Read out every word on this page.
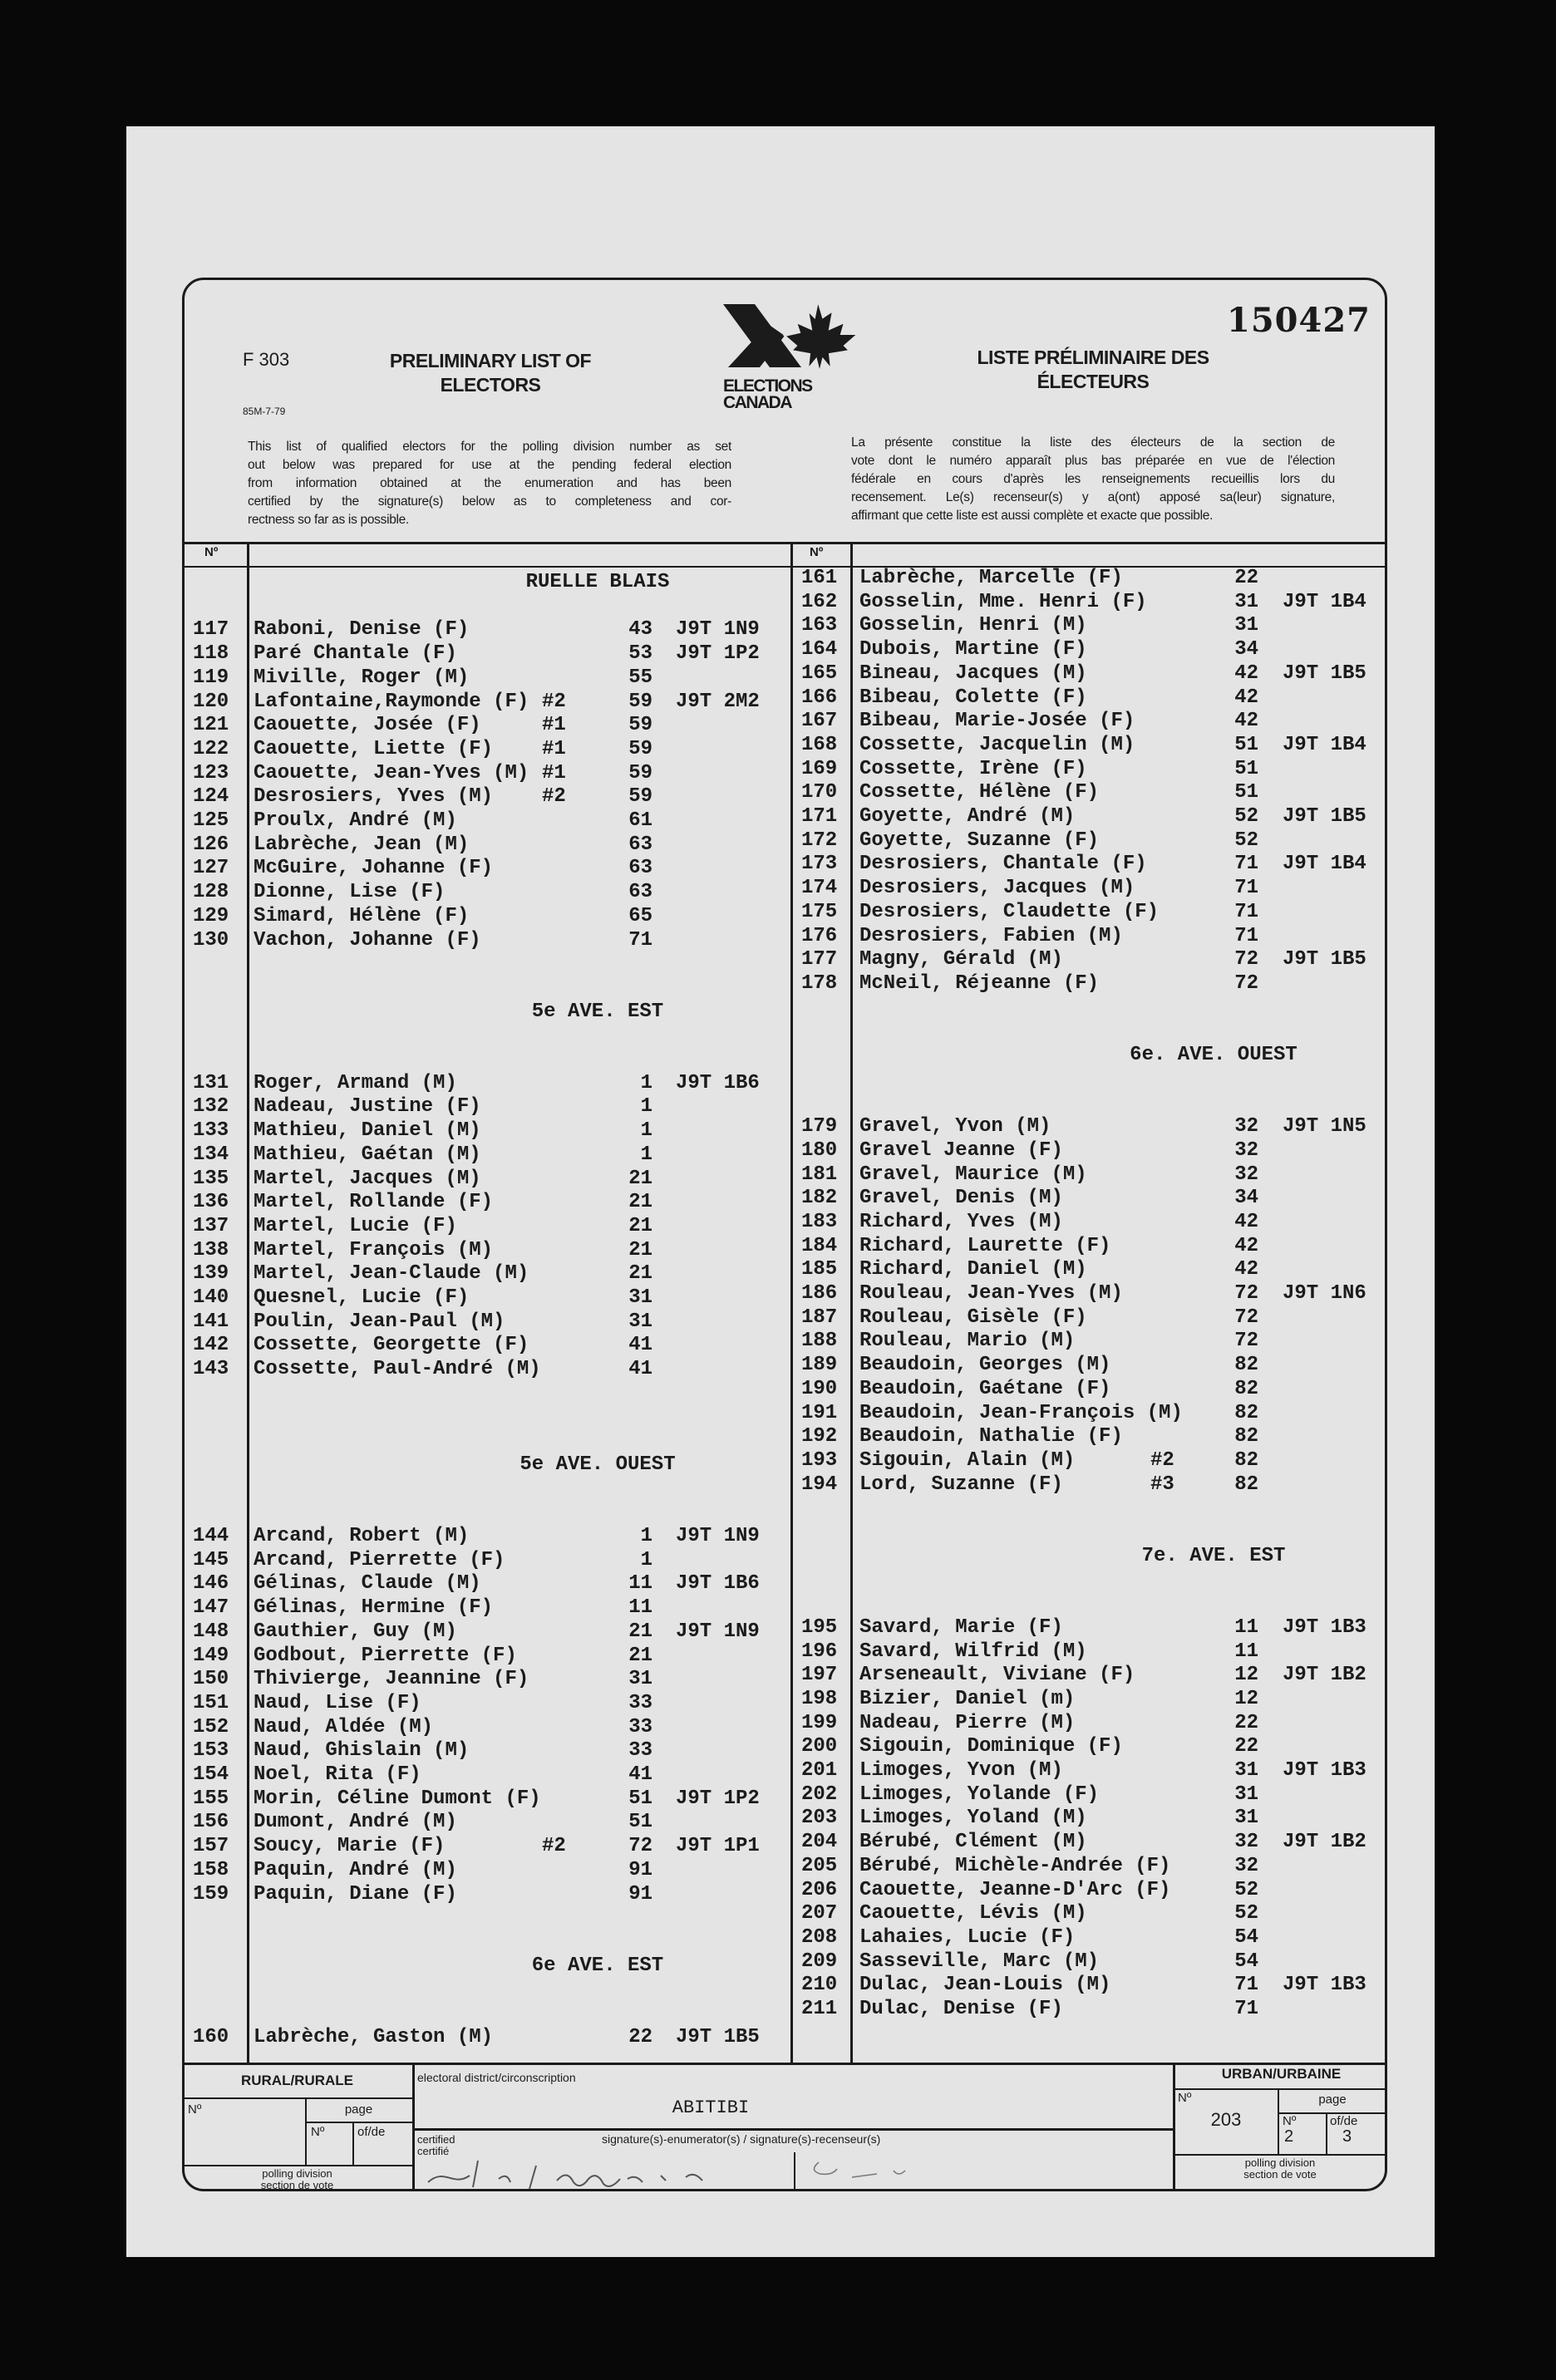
F 303
85M-7-79
PRELIMINARY LIST OF
ELECTORS
LISTE PRÉLIMINAIRE DES
ÉLECTEURS
150427
ELECTIONS
CANADA
This list of qualified electors for the polling division number as set
out below was prepared for use at the pending federal election
from information obtained at the enumeration and has been
certified by the signature(s) below as to completeness and cor-
rectness so far as is possible.
La présente constitue la liste des électeurs de la section de
vote dont le numéro apparaît plus bas préparée en vue de l'élection
fédérale en cours d'après les renseignements recueillis lors du
recensement. Le(s) recenseur(s) y a(ont) apposé sa(leur) signature,
affirmant que cette liste est aussi complète et exacte que possible.
Nº	Nº
RUELLE BLAIS
117 Raboni, Denise (F)	43 J9T 1N9
118 Paré Chantale (F)	53 J9T 1P2
119 Miville, Roger (M)	55
120 Lafontaine,Raymonde (F) #2	59 J9T 2M2
121 Caouette, Josée (F)	#1	59
122 Caouette, Liette (F) #1	59
123 Caouette, Jean-Yves (M) #1	59
124 Desrosiers, Yves (M) #2	59
125 Proulx, André (M)	61
126 Labrèche, Jean (M)	63
127 McGuire, Johanne (F)	63
128 Dionne, Lise (F)	63
129 Simard, Hélène (F)	65
130 Vachon, Johanne (F)	71
5e AVE. EST
131 Roger, Armand (M)	1 J9T 1B6
132 Nadeau, Justine (F)	1
133 Mathieu, Daniel (M)	1
134 Mathieu, Gaétan (M)	1
135 Martel, Jacques (M)	21
136 Martel, Rollande (F)	21
137 Martel, Lucie (F)	21
138 Martel, François (M)	21
139 Martel, Jean-Claude (M)	21
140 Quesnel, Lucie (F)	31
141 Poulin, Jean-Paul (M)	31
142 Cossette, Georgette (F)	41
143 Cossette, Paul-André (M)	41
5e AVE. OUEST
144 Arcand, Robert (M)	1 J9T 1N9
145 Arcand, Pierrette (F)	1
146 Gélinas, Claude (M)	11 J9T 1B6
147 Gélinas, Hermine (F)	11
148 Gauthier, Guy (M)	21 J9T 1N9
149 Godbout, Pierrette (F)	21
150 Thivierge, Jeannine (F)	31
151 Naud, Lise (F)	33
152 Naud, Aldée (M)	33
153 Naud, Ghislain (M)	33
154 Noel, Rita (F)	41
155 Morin, Céline Dumont (F)	51 J9T 1P2
156 Dumont, André (M)	51
157 Soucy, Marie (F)	#2	72 J9T 1P1
158 Paquin, André (M)	91
159 Paquin, Diane (F)	91
6e AVE. EST
160 Labrèche, Gaston (M)	22 J9T 1B5
161 Labrèche, Marcelle (F)	22
162 Gosselin, Mme. Henri (F)	31 J9T 1B4
163 Gosselin, Henri (M)	31
164 Dubois, Martine (F)	34
165 Bineau, Jacques (M)	42 J9T 1B5
166 Bibeau, Colette (F)	42
167 Bibeau, Marie-Josée (F)	42
168 Cossette, Jacquelin (M)	51 J9T 1B4
169 Cossette, Irène (F)	51
170 Cossette, Hélène (F)	51
171 Goyette, André (M)	52 J9T 1B5
172 Goyette, Suzanne (F)	52
173 Desrosiers, Chantale (F)	71 J9T 1B4
174 Desrosiers, Jacques (M)	71
175 Desrosiers, Claudette (F)	71
176 Desrosiers, Fabien (M)	71
177 Magny, Gérald (M)	72 J9T 1B5
178 McNeil, Réjeanne (F)	72
6e. AVE. OUEST
179 Gravel, Yvon (M)	32 J9T 1N5
180 Gravel Jeanne (F)	32
181 Gravel, Maurice (M)	32
182 Gravel, Denis (M)	34
183 Richard, Yves (M)	42
184 Richard, Laurette (F)	42
185 Richard, Daniel (M)	42
186 Rouleau, Jean-Yves (M)	72 J9T 1N6
187 Rouleau, Gisèle (F)	72
188 Rouleau, Mario (M)	72
189 Beaudoin, Georges (M)	82
190 Beaudoin, Gaétane (F)	82
191 Beaudoin, Jean-François (M)	82
192 Beaudoin, Nathalie (F)	82
193 Sigouin, Alain (M)	#2	82
194 Lord, Suzanne (F)	#3	82
7e. AVE. EST
195 Savard, Marie (F)	11 J9T 1B3
196 Savard, Wilfrid (M)	11
197 Arseneault, Viviane (F)	12 J9T 1B2
198 Bizier, Daniel (m)	12
199 Nadeau, Pierre (M)	22
200 Sigouin, Dominique (F)	22
201 Limoges, Yvon (M)	31 J9T 1B3
202 Limoges, Yolande (F)	31
203 Limoges, Yoland (M)	31
204 Bérubé, Clément (M)	32 J9T 1B2
205 Bérubé, Michèle-Andrée (F)	32
206 Caouette, Jeanne-D'Arc (F)	52
207 Caouette, Lévis (M)	52
208 Lahaies, Lucie (F)	54
209 Sasseville, Marc (M)	54
210 Dulac, Jean-Louis (M)	71 J9T 1B3
211 Dulac, Denise (F)	71
RURAL/RURALE
Nº	page
Nº	of/de
polling division
section de vote
electoral district/circonscription
ABITIBI
certified
certifié
signature(s)-enumerator(s) / signature(s)-recenseur(s)
URBAN/URBAINE
Nº
203
page
Nº
2
of/de
3
polling division
section de vote
